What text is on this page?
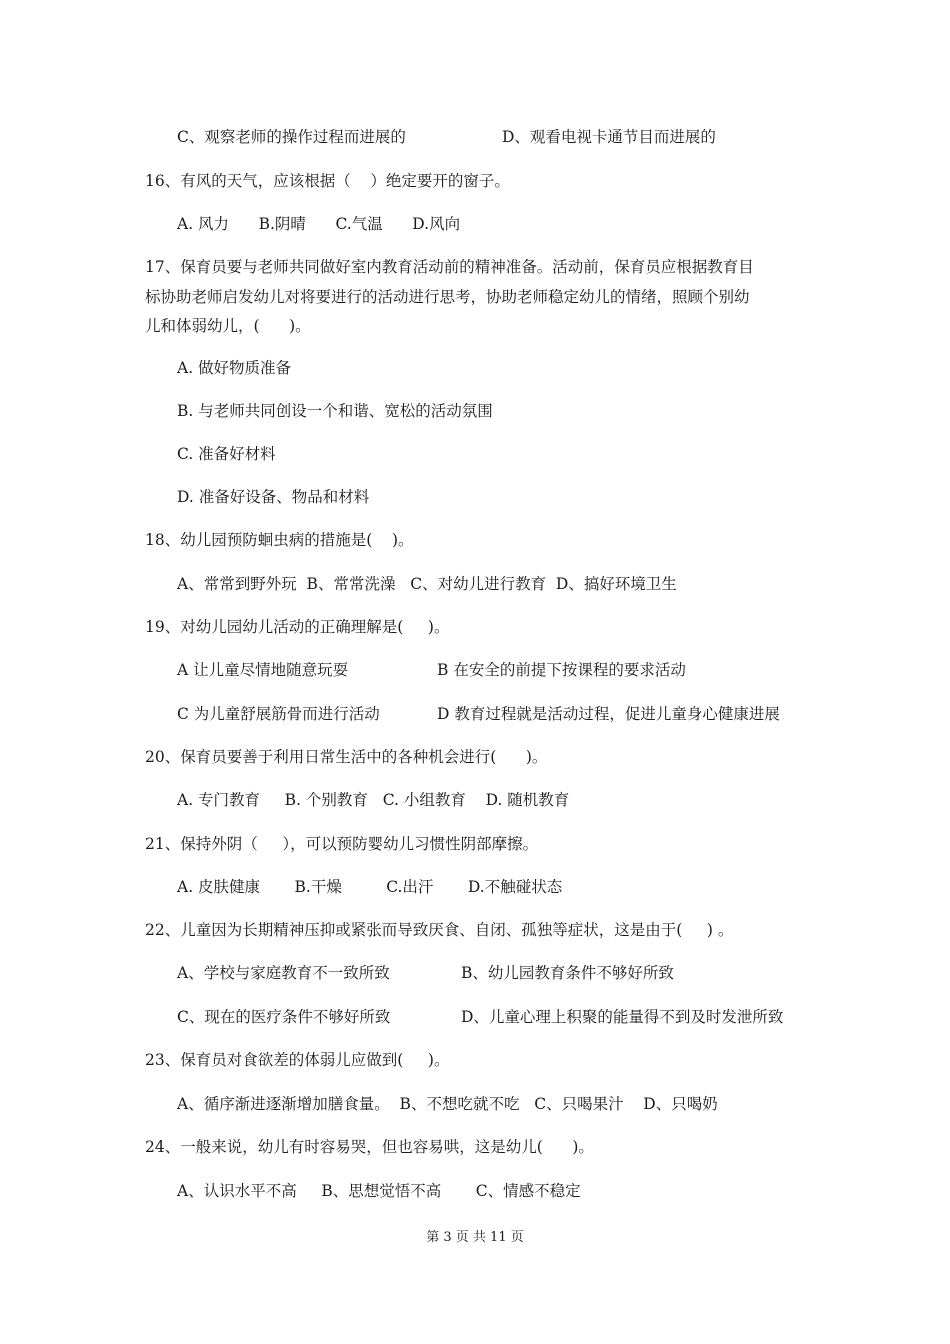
C、观察老师的操作过程而进展的	D、观看电视卡通节目而进展的
16、有风的天气，应该根据（    ）绝定要开的窗子。
A. 风力      B.阴晴      C.气温      D.风向
17、保育员要与老师共同做好室内教育活动前的精神准备。活动前，保育员应根据教育目
标协助老师启发幼儿对将要进行的活动进行思考，协助老师稳定幼儿的情绪，照顾个别幼
儿和体弱幼儿，(      )。
A. 做好物质准备
B. 与老师共同创设一个和谐、宽松的活动氛围
C. 准备好材料
D. 准备好设备、物品和材料
18、幼儿园预防蛔虫病的措施是(    )。
A、常常到野外玩  B、常常洗澡   C、对幼儿进行教育  D、搞好环境卫生
19、对幼儿园幼儿活动的正确理解是(     )。
A 让儿童尽情地随意玩耍	B 在安全的前提下按课程的要求活动
C 为儿童舒展筋骨而进行活动	D 教育过程就是活动过程，促进儿童身心健康进展
20、保育员要善于利用日常生活中的各种机会进行(      )。
A. 专门教育     B. 个别教育   C. 小组教育    D. 随机教育
21、保持外阴（     ），可以预防婴幼儿习惯性阴部摩擦。
A. 皮肤健康       B.干燥         C.出汗       D.不触碰状态
22、儿童因为长期精神压抑或紧张而导致厌食、自闭、孤独等症状，这是由于(     ) 。
A、学校与家庭教育不一致所致	B、幼儿园教育条件不够好所致
C、现在的医疗条件不够好所致	D、儿童心理上积聚的能量得不到及时发泄所致
23、保育员对食欲差的体弱儿应做到(     )。
A、循序渐进逐渐增加膳食量。  B、不想吃就不吃   C、只喝果汁    D、只喝奶
24、一般来说，幼儿有时容易哭，但也容易哄，这是幼儿(      )。
A、认识水平不高     B、思想觉悟不高       C、情感不稳定
第 3 页 共 11 页
